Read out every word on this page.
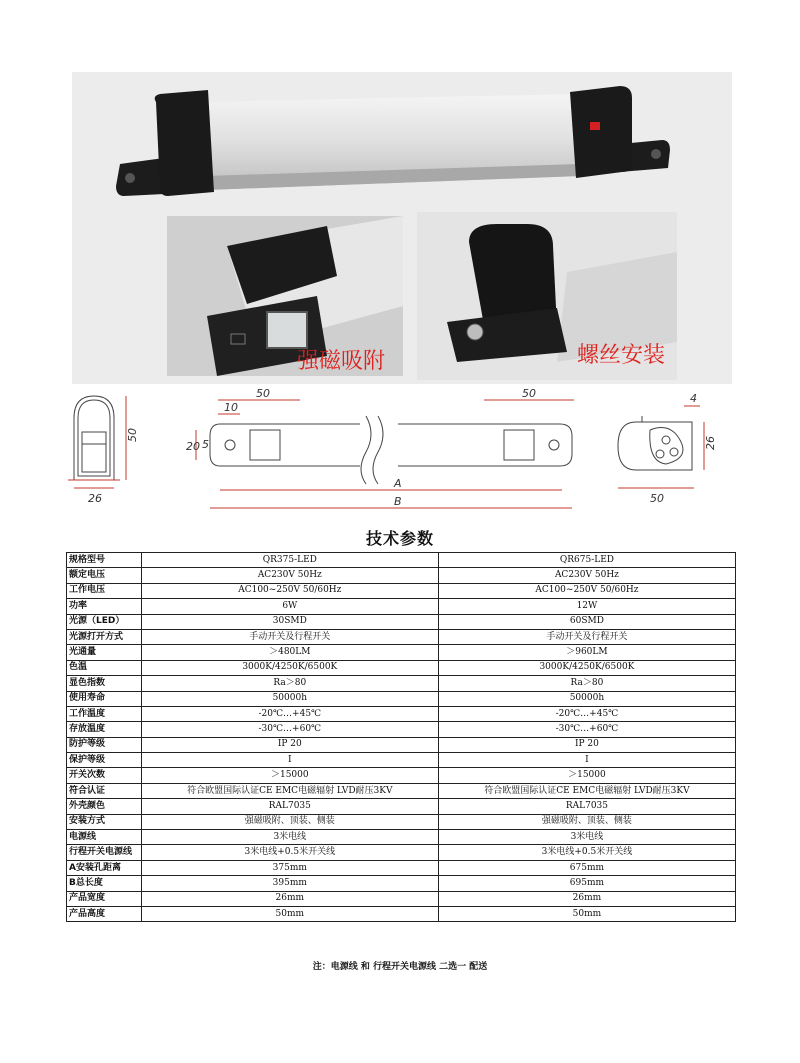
强磁吸附	螺丝安装
50
26
50
10
20 5
50
A
B
4
26
50
技术参数
规格型号	QR375-LED	QR675-LED
额定电压	AC230V 50Hz	AC230V 50Hz
工作电压	AC100~250V 50/60Hz	AC100~250V 50/60Hz
功率	6W	12W
光源（LED）	30SMD	60SMD
光源打开方式	手动开关及行程开关	手动开关及行程开关
光通量	＞480LM	＞960LM
色温	3000K/4250K/6500K	3000K/4250K/6500K
显色指数	Ra＞80	Ra＞80
使用寿命	50000h	50000h
工作温度	-20℃…+45℃	-20℃…+45℃
存放温度	-30℃…+60℃	-30℃…+60℃
防护等级	IP 20	IP 20
保护等级	I	I
开关次数	＞15000	＞15000
符合认证	符合欧盟国际认证CE EMC电磁辐射 LVD耐压3KV	符合欧盟国际认证CE EMC电磁辐射 LVD耐压3KV
外壳颜色	RAL7035	RAL7035
安装方式	强磁吸附、顶装、侧装	强磁吸附、顶装、侧装
电源线	3米电线	3米电线
行程开关电源线	3米电线+0.5米开关线	3米电线+0.5米开关线
A安装孔距离	375mm	675mm
B总长度	395mm	695mm
产品宽度	26mm	26mm
产品高度	50mm	50mm
注：电源线 和 行程开关电源线 二选一 配送
